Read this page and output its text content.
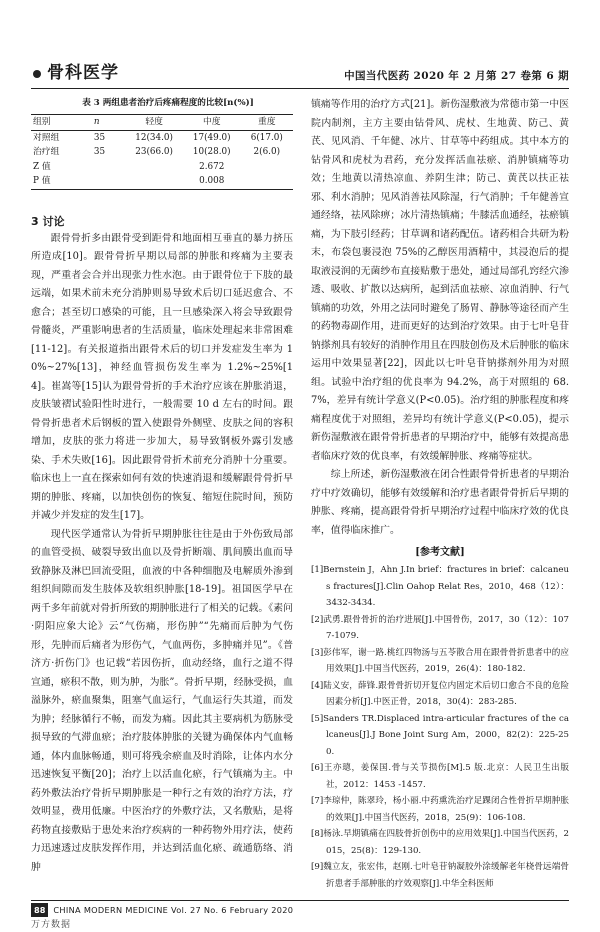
骨科医学	中国当代医药 2020 年 2 月第 27 卷第 6 期
表 3 两组患者治疗后疼痛程度的比较[n(%)]
组别	n	轻度	中度	重度
对照组	35	12(34.0)	17(49.0)	6(17.0)
治疗组	35	23(66.0)	10(28.0)	2(6.0)
Z 值			2.672	
P 值			0.008	
3 讨论

跟骨骨折多由跟骨受到距骨和地面相互垂直的暴力挤压所造成[10]。跟骨骨折早期以局部的肿胀和疼痛为主要表现，严重者会合并出现张力性水泡。由于跟骨位于下肢的最远端，如果术前未充分消肿则易导致术后切口延迟愈合、不愈合；甚至切口感染的可能，且一旦感染深入将会导致跟骨骨髓炎，严重影响患者的生活质量，临床处理起来非常困难[11-12]。有关报道指出跟骨术后的切口并发症发生率为 10%~27%[13]，神经血管损伤发生率为 1.2%~25%[14]。崔嵩等[15]认为跟骨骨折的手术治疗应该在肿胀消退，皮肤皱褶试验阳性时进行，一般需要 10 d 左右的时间。跟骨骨折患者术后钢板的置入使跟骨外侧壁、皮肤之间的容积增加，皮肤的张力将进一步加大，易导致钢板外露引发感染、手术失败[16]。因此跟骨骨折术前充分消肿十分重要。临床也上一直在探索如何有效的快速消退和缓解跟骨骨折早期的肿胀、疼痛，以加快创伤的恢复、缩短住院时间，预防并减少并发症的发生[17]。

现代医学通常认为骨折早期肿胀往往是由于外伤致局部的血管受损、破裂导致出血以及骨折断端、肌间膜出血而导致静脉及淋巴回流受阻，血液的中各种细胞及电解质外渗到组织间隙而发生肢体及软组织肿胀[18-19]。祖国医学早在两千多年前就对骨折所致的期肿胀进行了相关的记载。《素问·阴阳应象大论》云“气伤痛，形伤肿”“先痛而后肿为气伤形，先肿而后痛者为形伤气，气血两伤，多肿痛并见”。《普济方·折伤门》也记载“若因伤折，血动经络，血行之道不得宣通，瘀积不散，则为肿，为胀”。骨折早期，经脉受损，血溢脉外，瘀血聚集，阻塞气血运行，气血运行失其道，而发为肿；经脉循行不畅，而发为痛。因此其主要病机为筋脉受损导致的气滞血瘀；治疗肢体肿胀的关键为确保体内气血畅通，体内血脉畅通，则可将残余瘀血及时消除，让体内水分迅速恢复平衡[20]；治疗上以活血化瘀，行气镇痛为主。中药外敷法治疗骨折早期肿胀是一种行之有效的治疗方法，疗效明显，费用低廉。中医治疗的外敷疗法，又名敷贴，是将药物直接敷贴于患处来治疗疾病的一种药物外用疗法，使药力迅速透过皮肤发挥作用，并达到活血化瘀、疏通筋络、消肿

镇痛等作用的治疗方式[21]。新伤湿敷液为常德市第一中医院内制剂，主方主要由钻骨风、虎杖、生地黄、防己、黄芪、见风消、千年健、冰片、甘草等中药组成。其中本方的钻骨风和虎杖为君药，充分发挥活血祛瘀、消肿镇痛等功效；生地黄以清热凉血、养阴生津；防己、黄芪以扶正祛邪、利水消肿；见风消善祛风除湿，行气消肿；千年健善宣通经络，祛风除痹；冰片清热镇痛；牛膝活血通经，祛瘀镇痛，为下肢引经药；甘草调和诸药配伍。诸药相合共研为粉末，布袋包裹浸泡 75%的乙醇医用酒精中，其浸泡后的提取液浸润的无菌纱布直接贴敷于患处，通过局部孔窍经穴渗透、吸收、扩散以达病所，起到活血祛瘀、凉血消肿、行气镇痛的功效，外用之法同时避免了肠胃、静脉等途径而产生的药物毒副作用，进而更好的达到治疗效果。由于七叶皂苷钠搽剂具有较好的消肿作用且在四肢创伤及术后肿胀的临床运用中效果显著[22]，因此以七叶皂苷钠搽剂外用为对照组。试验中治疗组的优良率为 94.2%，高于对照组的 68.7%，差异有统计学意义(P<0.05)。治疗组的肿胀程度和疼痛程度优于对照组，差异均有统计学意义(P<0.05)，提示新伤湿敷液在跟骨骨折患者的早期治疗中，能够有效提高患者临床疗效的优良率，有效缓解肿胀、疼痛等症状。

综上所述，新伤湿敷液在闭合性跟骨骨折患者的早期治疗中疗效确切，能够有效缓解和治疗患者跟骨骨折后早期的肿胀、疼痛，提高跟骨骨折早期治疗过程中临床疗效的优良率，值得临床推广。

[参考文献]
[1]Bernstein J，Ahn J.In brief：fractures in brief：calcaneus fractures[J].Clin Oahop Relat Res，2010，468（12）：3432-3434.
[2]武勇.跟骨骨折的治疗进展[J].中国骨伤，2017，30（12）：1077-1079.
[3]彭伟军，谢一路.桃红四物汤与五苓散合用在跟骨骨折患者中的应用效果[J].中国当代医药，2019，26(4)：180-182.
[4]陆义安，薛锋.跟骨骨折切开复位内固定术后切口愈合不良的危险因素分析[J].中医正骨，2018，30(4)：283-285.
[5]Sanders TR.Displaced intra-articular fractures of the calcaneus[J].J Bone Joint Surg Am，2000，82(2)：225-250.
[6]王亦璁，姜保国.骨与关节损伤[M].5 版.北京：人民卫生出版社，2012：1453 -1457.
[7]李琼仲，陈翠玲，杨小丽.中药熏洗治疗足踝闭合性骨折早期肿胀的效果[J].中国当代医药，2018，25(9)：106-108.
[8]杨泳.早期镇痛在四肢骨折创伤中的应用效果[J].中国当代医药，2015，25(8)：129-130.
[9]魏立友，张宏伟，赵刚.七叶皂苷钠凝胶外涂缓解老年桡骨远端骨折患者手部肿胀的疗效观察[J].中华全科医师
88 CHINA MODERN MEDICINE Vol. 27 No. 6 February 2020
万方数据
